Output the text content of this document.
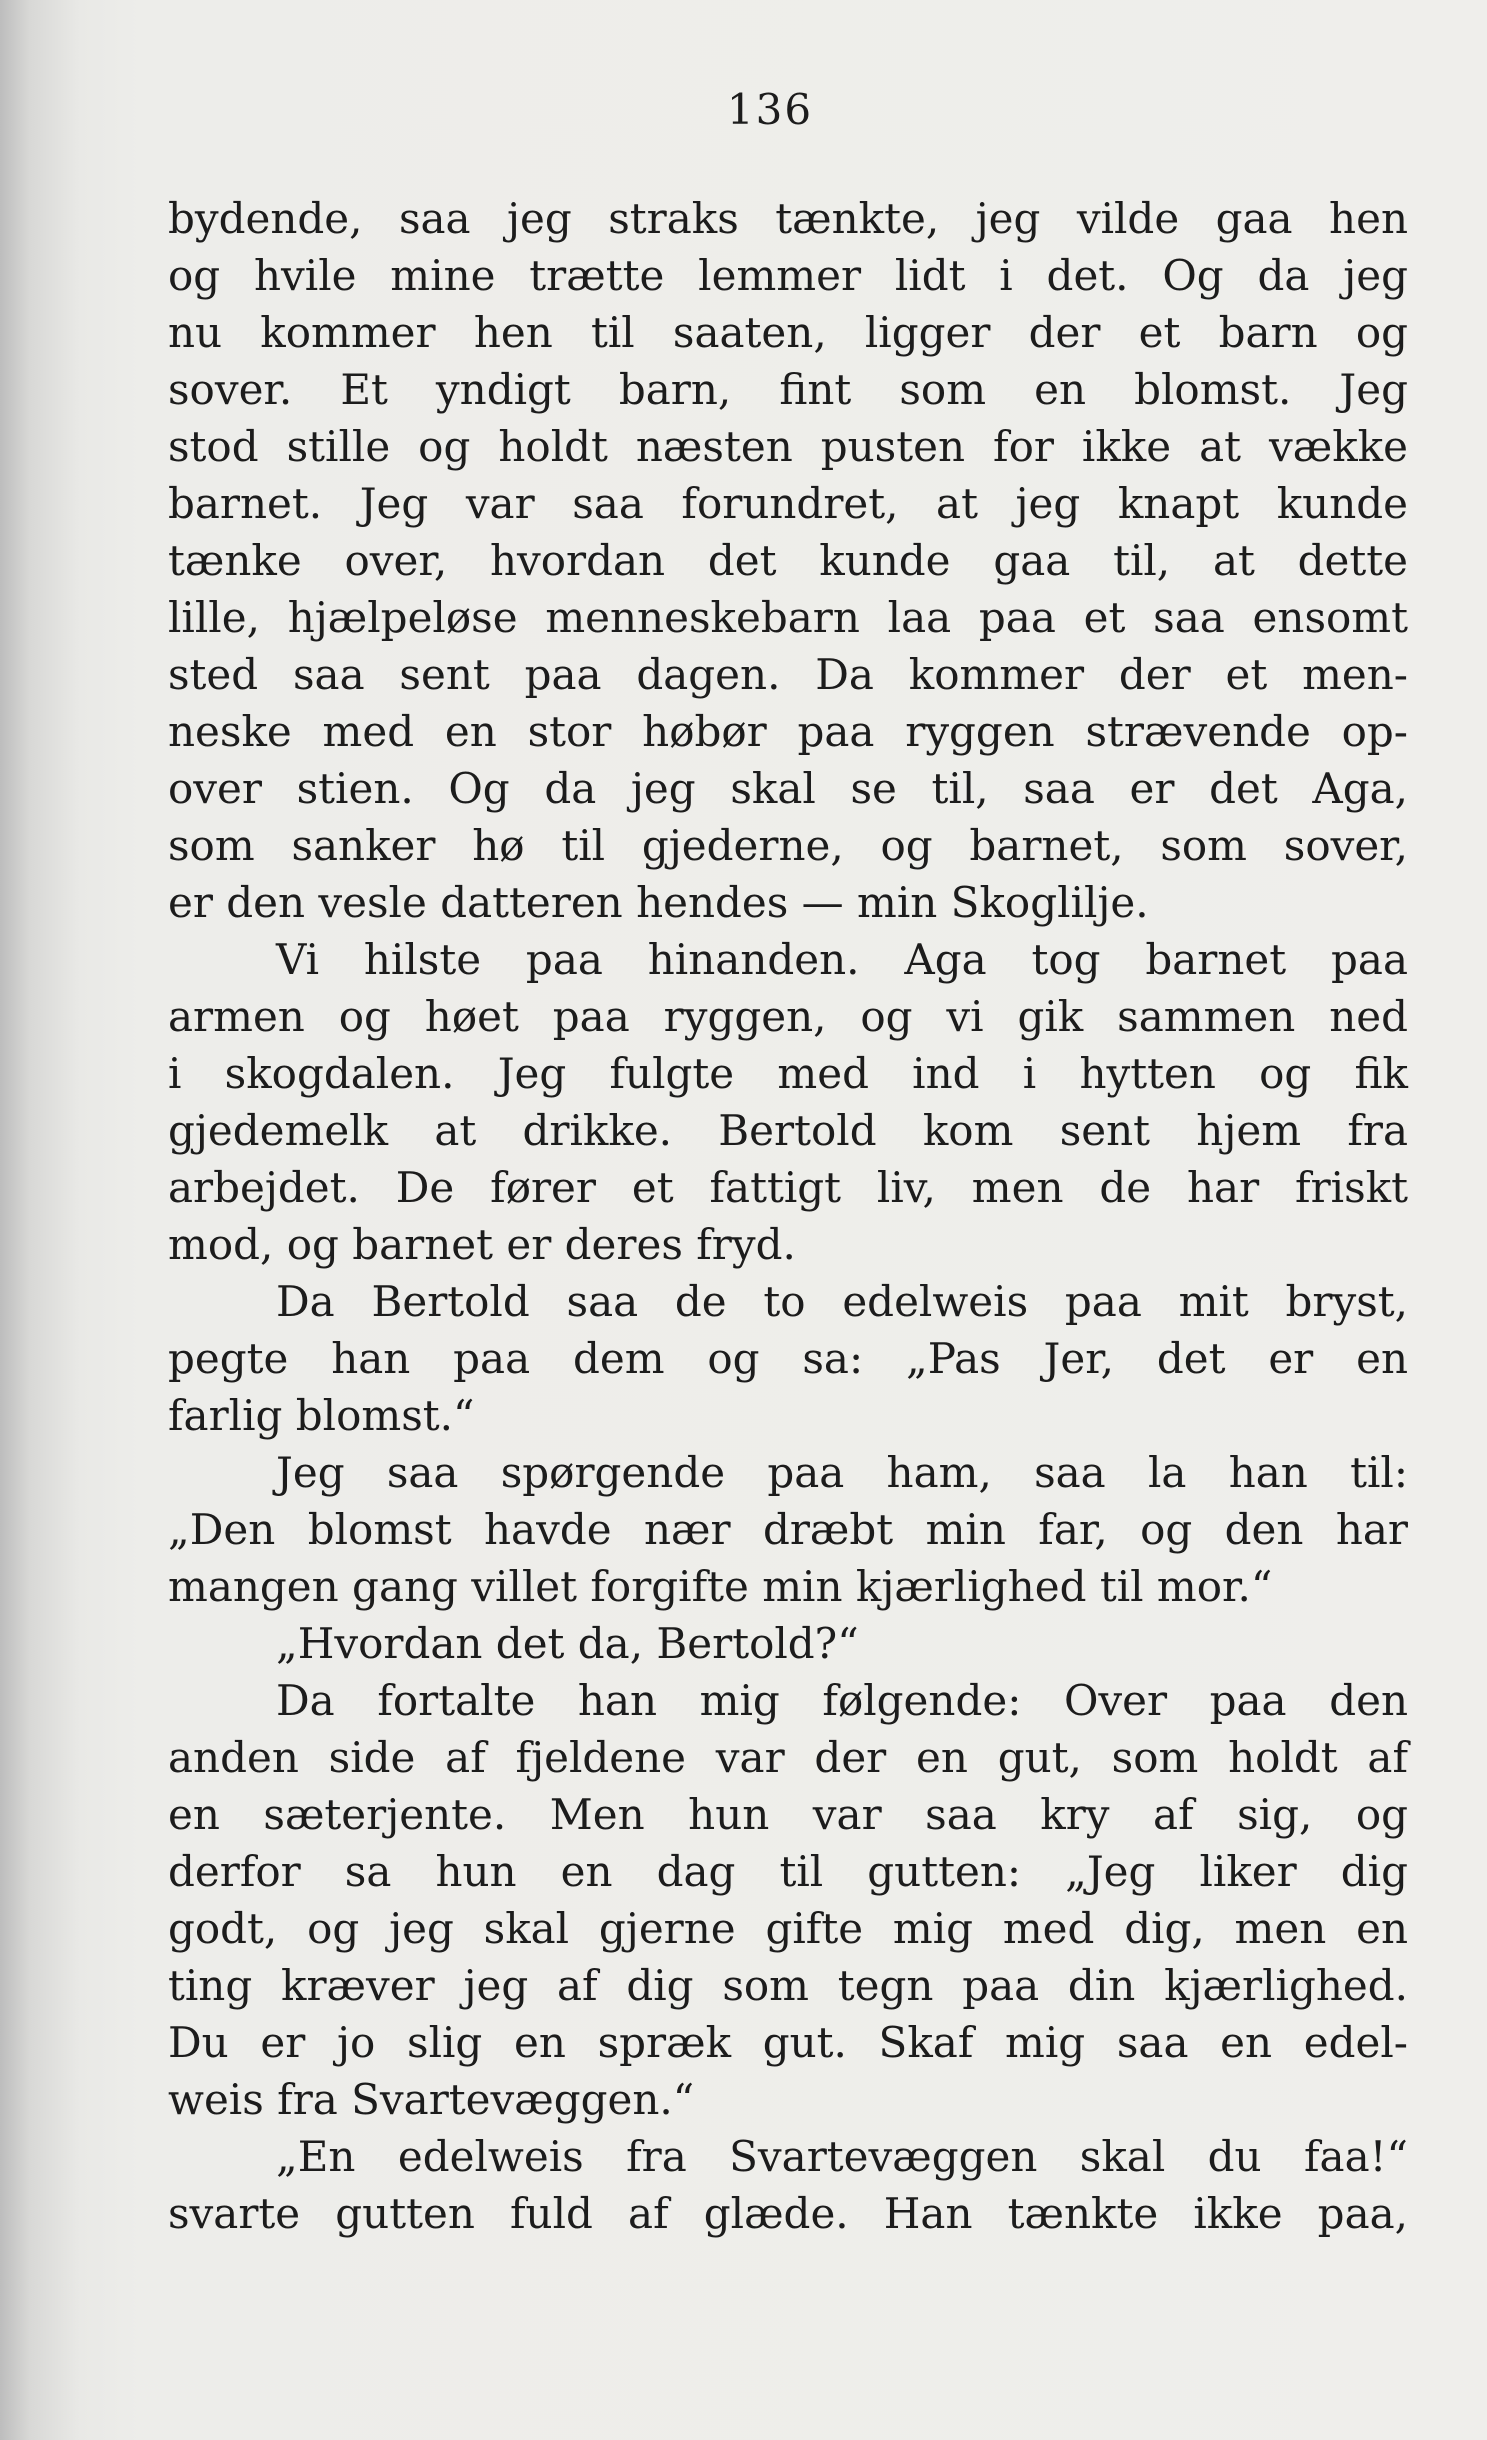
136
bydende, saa jeg straks tænkte, jeg vilde gaa hen
og hvile mine trætte lemmer lidt i det. Og da jeg
nu kommer hen til saaten, ligger der et barn og
sover. Et yndigt barn, fint som en blomst. Jeg
stod stille og holdt næsten pusten for ikke at vække
barnet. Jeg var saa forundret, at jeg knapt kunde
tænke over, hvordan det kunde gaa til, at dette
lille, hjælpeløse menneskebarn laa paa et saa ensomt
sted saa sent paa dagen. Da kommer der et men-
neske med en stor høbør paa ryggen strævende op-
over stien. Og da jeg skal se til, saa er det Aga,
som sanker hø til gjederne, og barnet, som sover,
er den vesle datteren hendes — min Skoglilje.
Vi hilste paa hinanden. Aga tog barnet paa
armen og høet paa ryggen, og vi gik sammen ned
i skogdalen. Jeg fulgte med ind i hytten og fik
gjedemelk at drikke. Bertold kom sent hjem fra
arbejdet. De fører et fattigt liv, men de har friskt
mod, og barnet er deres fryd.
Da Bertold saa de to edelweis paa mit bryst,
pegte han paa dem og sa: „Pas Jer, det er en
farlig blomst.“
Jeg saa spørgende paa ham, saa la han til:
„Den blomst havde nær dræbt min far, og den har
mangen gang villet forgifte min kjærlighed til mor.“
„Hvordan det da, Bertold?“
Da fortalte han mig følgende: Over paa den
anden side af fjeldene var der en gut, som holdt af
en sæterjente. Men hun var saa kry af sig, og
derfor sa hun en dag til gutten: „Jeg liker dig
godt, og jeg skal gjerne gifte mig med dig, men en
ting kræver jeg af dig som tegn paa din kjærlighed.
Du er jo slig en spræk gut. Skaf mig saa en edel-
weis fra Svartevæggen.“
„En edelweis fra Svartevæggen skal du faa!“
svarte gutten fuld af glæde. Han tænkte ikke paa,
